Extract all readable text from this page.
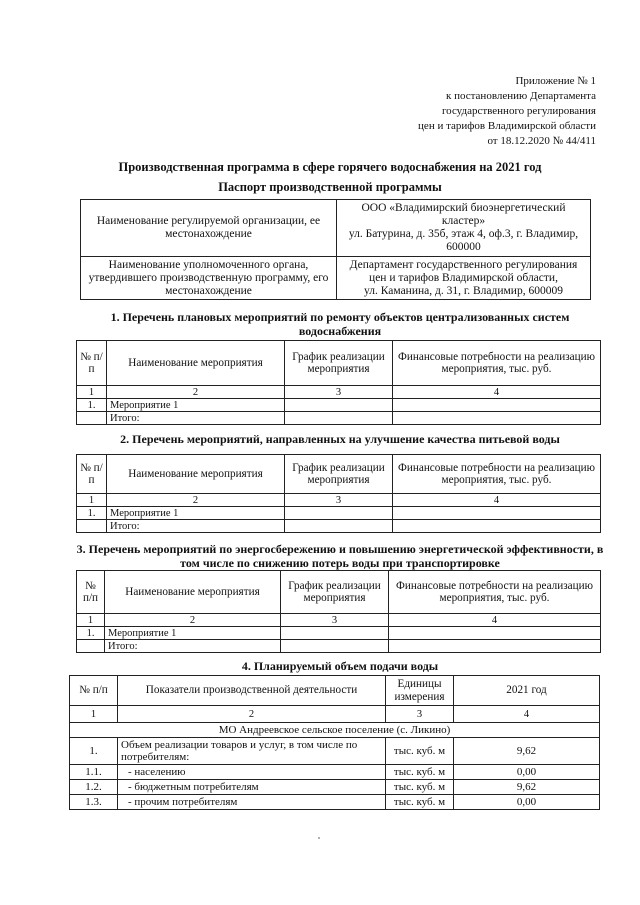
Приложение № 1
к постановлению Департамента
государственного регулирования
цен и тарифов Владимирской области
от 18.12.2020 № 44/411
Производственная программа в сфере горячего водоснабжения на 2021 год
Паспорт производственной программы
Наименование регулируемой организации, ее местонахождение	ООО «Владимирский биоэнергетический кластер»
ул. Батурина, д. 35б, этаж 4, оф.3, г. Владимир, 600000

Наименование уполномоченного органа, утвердившего производственную программу, его местонахождение	Департамент государственного регулирования цен и тарифов Владимирской области,
ул. Каманина, д. 31, г. Владимир, 600009
1. Перечень плановых мероприятий по ремонту объектов централизованных систем водоснабжения
№ п/п	Наименование мероприятия	График реализации мероприятия	Финансовые потребности на реализацию мероприятия, тыс. руб.
1	2	3	4
1.	Мероприятие 1		
	Итого:		
2. Перечень мероприятий, направленных на улучшение качества питьевой воды
№ п/п	Наименование мероприятия	График реализации мероприятия	Финансовые потребности на реализацию мероприятия, тыс. руб.
1	2	3	4
1.	Мероприятие 1		
	Итого:		
3. Перечень мероприятий по энергосбережению и повышению энергетической эффективности, в том числе по снижению потерь воды при транспортировке
№ п/п	Наименование мероприятия	График реализации мероприятия	Финансовые потребности на реализацию мероприятия, тыс. руб.
1	2	3	4
1.	Мероприятие 1		
	Итого:		
4. Планируемый объем подачи воды
№ п/п	Показатели производственной деятельности	Единицы измерения	2021 год
1	2	3	4
МО Андреевское сельское поселение (с. Ликино)			
1.	Объем реализации товаров и услуг, в том числе по потребителям:	тыс. куб. м	9,62
1.1.	- населению	тыс. куб. м	0,00
1.2.	- бюджетным потребителям	тыс. куб. м	9,62
1.3.	- прочим потребителям	тыс. куб. м	0,00
